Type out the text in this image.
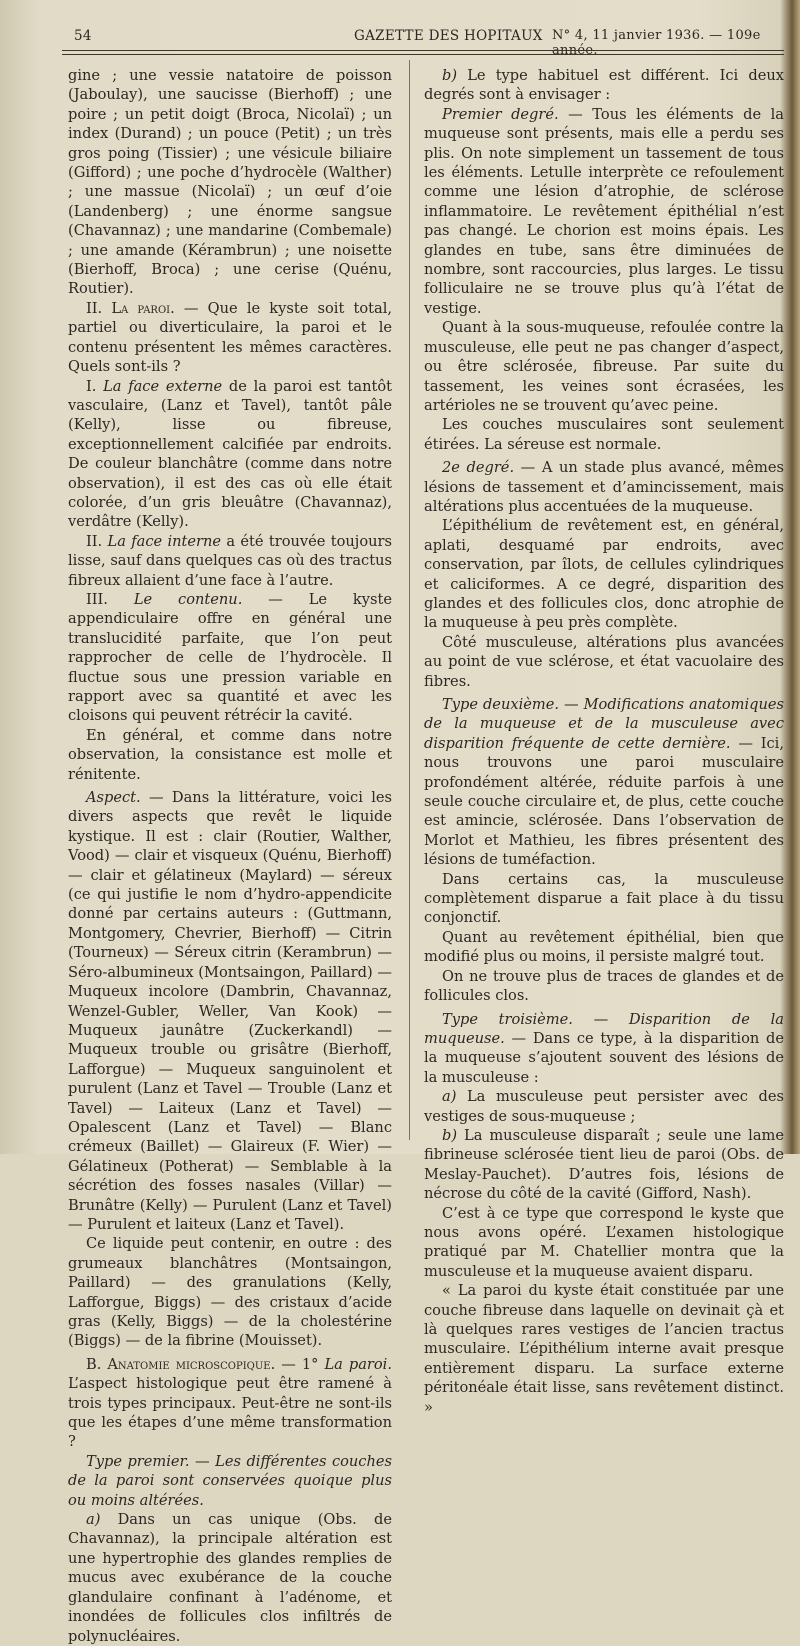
54	GAZETTE DES HOPITAUX N° 4, 11 janvier 1936. — 109e année.

gine ; une vessie natatoire de poisson (Jaboulay), une saucisse (Bierhoff) ; une poire ; un petit doigt (Broca, Nicolaï) ; un index (Durand) ; un pouce (Petit) ; un très gros poing (Tissier) ; une vésicule biliaire (Gifford) ; une poche d’hydrocèle (Walther) ; une massue (Nicolaï) ; un œuf d’oie (Landenberg) ; une énorme sangsue (Chavannaz) ; une mandarine (Combemale) ; une amande (Kérambrun) ; une noisette (Bierhoff, Broca) ; une cerise (Quénu, Routier).

II. La paroi. — Que le kyste soit total, partiel ou diverticulaire, la paroi et le contenu présentent les mêmes caractères. Quels sont-ils ?

I. La face externe de la paroi est tantôt vasculaire, (Lanz et Tavel), tantôt pâle (Kelly), lisse ou fibreuse, exceptionnellement calcifiée par endroits. De couleur blanchâtre (comme dans notre observation), il est des cas où elle était colorée, d’un gris bleuâtre (Chavannaz), verdâtre (Kelly).

II. La face interne a été trouvée toujours lisse, sauf dans quelques cas où des tractus fibreux allaient d’une face à l’autre.

III. Le contenu. — Le kyste appendiculaire offre en général une translucidité parfaite, que l’on peut rapprocher de celle de l’hydrocèle. Il fluctue sous une pression variable en rapport avec sa quantité et avec les cloisons qui peuvent rétrécir la cavité.

En général, et comme dans notre observation, la consistance est molle et rénitente.

Aspect. — Dans la littérature, voici les divers aspects que revêt le liquide kystique. Il est : clair (Routier, Walther, Vood) — clair et visqueux (Quénu, Bierhoff) — clair et gélatineux (Maylard) — séreux (ce qui justifie le nom d’hydro-appendicite donné par certains auteurs : (Guttmann, Montgomery, Chevrier, Bierhoff) — Citrin (Tourneux) — Séreux citrin (Kerambrun) — Séro-albumineux (Montsaingon, Paillard) — Muqueux incolore (Dambrin, Chavannaz, Wenzel-Gubler, Weller, Van Kook) — Muqueux jaunâtre (Zuckerkandl) — Muqueux trouble ou grisâtre (Bierhoff, Lafforgue) — Muqueux sanguinolent et purulent (Lanz et Tavel — Trouble (Lanz et Tavel) — Laiteux (Lanz et Tavel) — Opalescent (Lanz et Tavel) — Blanc crémeux (Baillet) — Glaireux (F. Wier) — Gélatineux (Potherat) — Semblable à la sécrétion des fosses nasales (Villar) — Brunâtre (Kelly) — Purulent (Lanz et Tavel) — Purulent et laiteux (Lanz et Tavel).

Ce liquide peut contenir, en outre : des grumeaux blanchâtres (Montsaingon, Paillard) — des granulations (Kelly, Lafforgue, Biggs) — des cristaux d’acide gras (Kelly, Biggs) — de la cholestérine (Biggs) — de la fibrine (Mouisset).

B. Anatomie microscopique. — 1° La paroi. L’aspect histologique peut être ramené à trois types principaux. Peut-être ne sont-ils que les étapes d’une même transformation ?

Type premier. — Les différentes couches de la paroi sont conservées quoique plus ou moins altérées.

a) Dans un cas unique (Obs. de Chavannaz), la principale altération est une hypertrophie des glandes remplies de mucus avec exubérance de la couche glandulaire confinant à l’adénome, et inondées de follicules clos infiltrés de polynucléaires.

b) Le type habituel est différent. Ici deux degrés sont à envisager :

Premier degré. — Tous les éléments de la muqueuse sont présents, mais elle a perdu ses plis. On note simplement un tassement de tous les éléments. Letulle interprète ce refoulement comme une lésion d’atrophie, de sclérose inflammatoire. Le revêtement épithélial n’est pas changé. Le chorion est moins épais. Les glandes en tube, sans être diminuées de nombre, sont raccourcies, plus larges. Le tissu folliculaire ne se trouve plus qu’à l’état de vestige.

Quant à la sous-muqueuse, refoulée contre la musculeuse, elle peut ne pas changer d’aspect, ou être sclérosée, fibreuse. Par suite du tassement, les veines sont écrasées, les artérioles ne se trouvent qu’avec peine.

Les couches musculaires sont seulement étirées. La séreuse est normale.

2e degré. — A un stade plus avancé, mêmes lésions de tassement et d’amincissement, mais altérations plus accentuées de la muqueuse.

L’épithélium de revêtement est, en général, aplati, desquamé par endroits, avec conservation, par îlots, de cellules cylindriques et caliciformes. A ce degré, disparition des glandes et des follicules clos, donc atrophie de la muqueuse à peu près complète.

Côté musculeuse, altérations plus avancées au point de vue sclérose, et état vacuolaire des fibres.

Type deuxième. — Modifications anatomiques de la muqueuse et de la musculeuse avec disparition fréquente de cette dernière. — Ici, nous trouvons une paroi musculaire profondément altérée, réduite parfois à une seule couche circulaire et, de plus, cette couche est amincie, sclérosée. Dans l’observation de Morlot et Mathieu, les fibres présentent des lésions de tuméfaction.

Dans certains cas, la musculeuse complètement disparue a fait place à du tissu conjonctif.

Quant au revêtement épithélial, bien que modifié plus ou moins, il persiste malgré tout.

On ne trouve plus de traces de glandes et de follicules clos.

Type troisième. — Disparition de la muqueuse. — Dans ce type, à la disparition de la muqueuse s’ajoutent souvent des lésions de la musculeuse :

a) La musculeuse peut persister avec des vestiges de sous-muqueuse ;

b) La musculeuse disparaît ; seule une lame fibrineuse sclérosée tient lieu de paroi (Obs. de Meslay-Pauchet). D’autres fois, lésions de nécrose du côté de la cavité (Gifford, Nash).

C’est à ce type que correspond le kyste que nous avons opéré. L’examen histologique pratiqué par M. Chatellier montra que la musculeuse et la muqueuse avaient disparu.

« La paroi du kyste était constituée par une couche fibreuse dans laquelle on devinait çà et là quelques rares vestiges de l’ancien tractus musculaire. L’épithélium interne avait presque entièrement disparu. La surface externe péritonéale était lisse, sans revêtement distinct. »
